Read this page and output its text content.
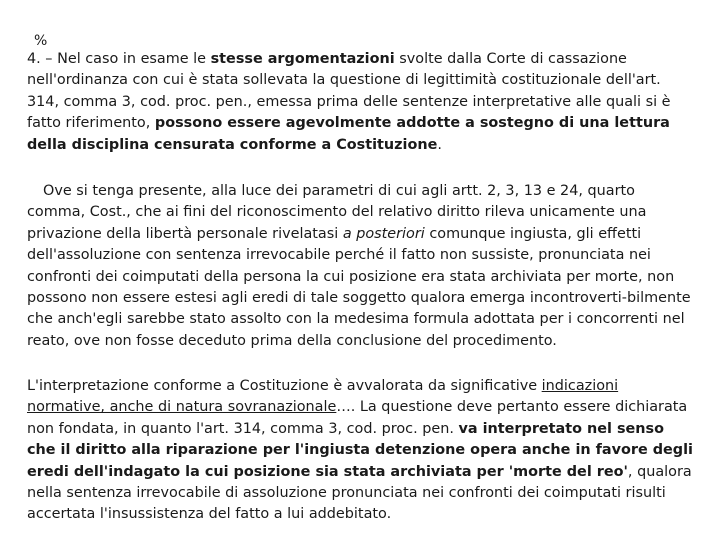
%

4. – Nel caso in esame le stesse argomentazioni svolte dalla Corte di cassazione nell'ordinanza con cui è stata sollevata la questione di legittimità costituzionale dell'art. 314, comma 3, cod. proc. pen., emessa prima delle sentenze interpretative alle quali si è fatto riferimento, possono essere agevolmente addotte a sostegno di una lettura della disciplina censurata conforme a Costituzione.

Ove si tenga presente, alla luce dei parametri di cui agli artt. 2, 3, 13 e 24, quarto comma, Cost., che ai fini del riconoscimento del relativo diritto rileva unicamente una privazione della libertà personale rivelatasi a posteriori comunque ingiusta, gli effetti dell'assoluzione con sentenza irrevocabile perché il fatto non sussiste, pronunciata nei confronti dei coimputati della persona la cui posizione era stata archiviata per morte, non possono non essere estesi agli eredi di tale soggetto qualora emerga incontroverti-bilmente che anch'egli sarebbe stato assolto con la medesima formula adottata per i concorrenti nel reato, ove non fosse deceduto prima della conclusione del procedimento.

L'interpretazione conforme a Costituzione è avvalorata da significative indicazioni normative, anche di natura sovranazionale…. La questione deve pertanto essere dichiarata non fondata, in quanto l'art. 314, comma 3, cod. proc. pen. va interpretato nel senso che il diritto alla riparazione per l'ingiusta detenzione opera anche in favore degli eredi dell'indagato la cui posizione sia stata archiviata per 'morte del reo', qualora nella sentenza irrevocabile di assoluzione pronunciata nei confronti dei coimputati risulti accertata l'insussistenza del fatto a lui addebitato.
